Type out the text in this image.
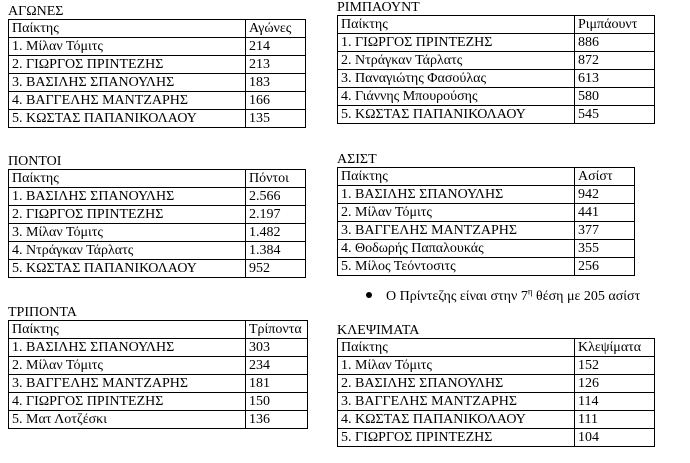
ΑΓΩΝΕΣ
Παίκτης	Αγώνες
1. Μίλαν Τόμιτς	214
2. ΓΙΩΡΓΟΣ ΠΡΙΝΤΕΖΗΣ	213
3. ΒΑΣΙΛΗΣ ΣΠΑΝΟΥΛΗΣ	183
4. ΒΑΓΓΕΛΗΣ ΜΑΝΤΖΑΡΗΣ	166
5. ΚΩΣΤΑΣ ΠΑΠΑΝΙΚΟΛΑΟΥ	135
ΡΙΜΠΑΟΥΝΤ
Παίκτης	Ριμπάουντ
1. ΓΙΩΡΓΟΣ ΠΡΙΝΤΕΖΗΣ	886
2. Ντράγκαν Τάρλατς	872
3. Παναγιώτης Φασούλας	613
4. Γιάννης Μπουρούσης	580
5. ΚΩΣΤΑΣ ΠΑΠΑΝΙΚΟΛΑΟΥ	545
ΠΟΝΤΟΙ
Παίκτης	Πόντοι
1. ΒΑΣΙΛΗΣ ΣΠΑΝΟΥΛΗΣ	2.566
2. ΓΙΩΡΓΟΣ ΠΡΙΝΤΕΖΗΣ	2.197
3. Μίλαν Τόμιτς	1.482
4. Ντράγκαν Τάρλατς	1.384
5. ΚΩΣΤΑΣ ΠΑΠΑΝΙΚΟΛΑΟΥ	952
ΑΣΙΣΤ
Παίκτης	Ασίστ
1. ΒΑΣΙΛΗΣ ΣΠΑΝΟΥΛΗΣ	942
2. Μίλαν Τόμιτς	441
3. ΒΑΓΓΕΛΗΣ ΜΑΝΤΖΑΡΗΣ	377
4. Θοδωρής Παπαλουκάς	355
5. Μίλος Τεόντοσιτς	256
Ο Πρίντεζης είναι στην $7^\eta$ θέση με 205 ασίστ
ΤΡΙΠΟΝΤΑ
Παίκτης	Τρίποντα
1. ΒΑΣΙΛΗΣ ΣΠΑΝΟΥΛΗΣ	303
2. Μίλαν Τόμιτς	234
3. ΒΑΓΓΕΛΗΣ ΜΑΝΤΖΑΡΗΣ	181
4. ΓΙΩΡΓΟΣ ΠΡΙΝΤΕΖΗΣ	150
5. Ματ Λοτζέσκι	136
ΚΛΕΨΙΜΑΤΑ
Παίκτης	Κλεψίματα
1. Μίλαν Τόμιτς	152
2. ΒΑΣΙΛΗΣ ΣΠΑΝΟΥΛΗΣ	126
3. ΒΑΓΓΕΛΗΣ ΜΑΝΤΖΑΡΗΣ	114
4. ΚΩΣΤΑΣ ΠΑΠΑΝΙΚΟΛΑΟΥ	111
5. ΓΙΩΡΓΟΣ ΠΡΙΝΤΕΖΗΣ	104
